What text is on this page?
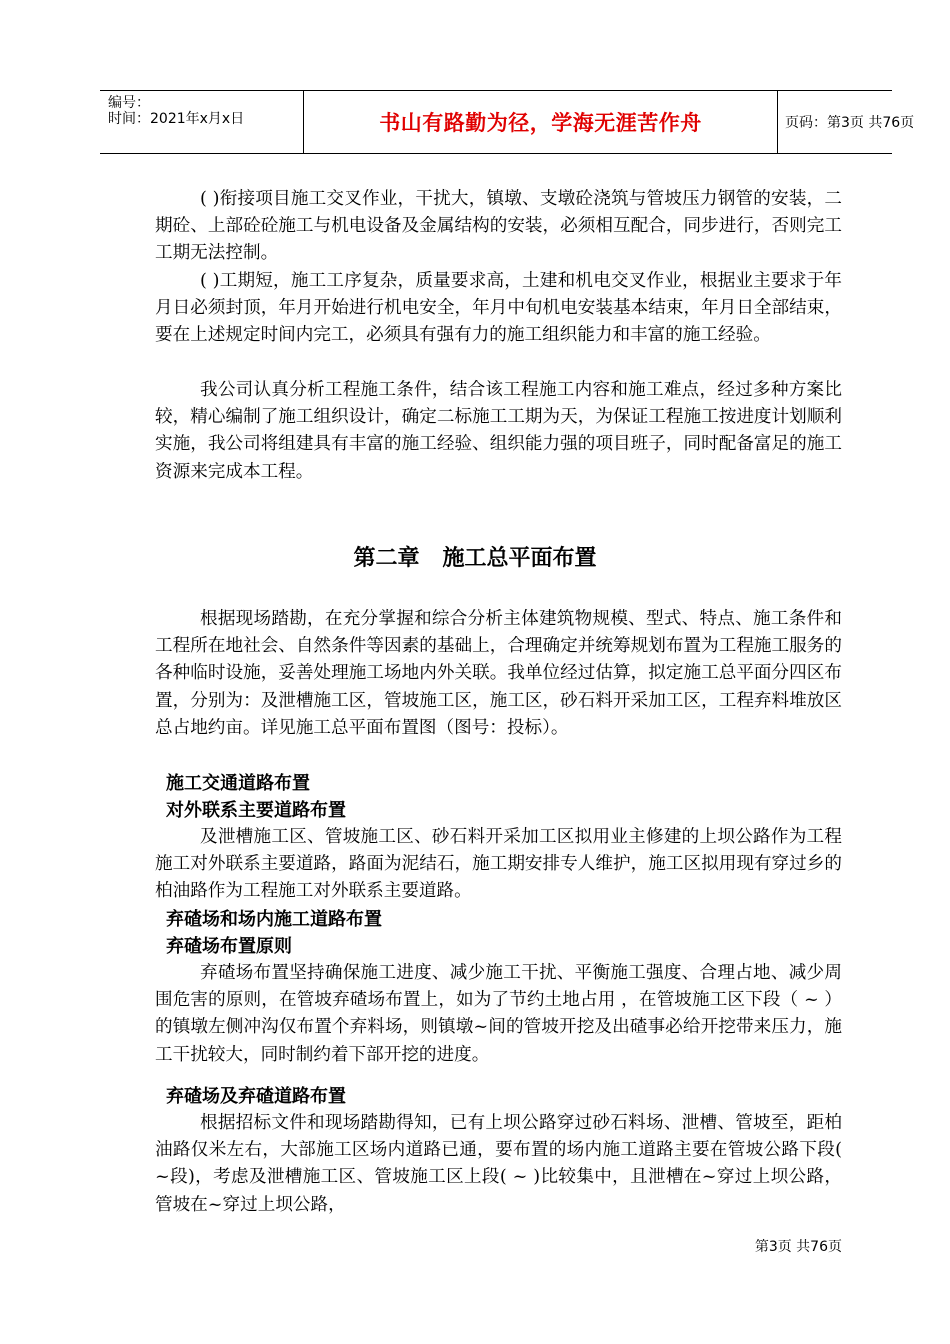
编号：
时间：2021年x月x日	书山有路勤为径，学海无涯苦作舟	页码：第3页 共76页

( )衔接项目施工交叉作业，干扰大，镇墩、支墩砼浇筑与管坡压力钢管的安装，二期砼、上部砼砼施工与机电设备及金属结构的安装，必须相互配合，同步进行，否则完工工期无法控制。

( )工期短，施工工序复杂，质量要求高，土建和机电交叉作业，根据业主要求于年月日必须封顶，年月开始进行机电安全，年月中旬机电安装基本结束，年月日全部结束，要在上述规定时间内完工，必须具有强有力的施工组织能力和丰富的施工经验。

我公司认真分析工程施工条件，结合该工程施工内容和施工难点，经过多种方案比较，精心编制了施工组织设计，确定二标施工工期为天，为保证工程施工按进度计划顺利实施，我公司将组建具有丰富的施工经验、组织能力强的项目班子，同时配备富足的施工资源来完成本工程。

第二章   施工总平面布置

根据现场踏勘，在充分掌握和综合分析主体建筑物规模、型式、特点、施工条件和工程所在地社会、自然条件等因素的基础上，合理确定并统筹规划布置为工程施工服务的各种临时设施，妥善处理施工场地内外关联。我单位经过估算，拟定施工总平面分四区布置，分别为：及泄槽施工区，管坡施工区，施工区，砂石料开采加工区，工程弃料堆放区总占地约亩。详见施工总平面布置图（图号：投标）。

施工交通道路布置

对外联系主要道路布置

及泄槽施工区、管坡施工区、砂石料开采加工区拟用业主修建的上坝公路作为工程施工对外联系主要道路，路面为泥结石，施工期安排专人维护，施工区拟用现有穿过乡的柏油路作为工程施工对外联系主要道路。

弃碴场和场内施工道路布置

弃碴场布置原则

弃碴场布置坚持确保施工进度、减少施工干扰、平衡施工强度、合理占地、减少周围危害的原则，在管坡弃碴场布置上，如为了节约土地占用 ，在管坡施工区下段（ ~ ）的镇墩左侧冲沟仅布置个弃料场，则镇墩~间的管坡开挖及出碴事必给开挖带来压力，施工干扰较大，同时制约着下部开挖的进度。

弃碴场及弃碴道路布置

根据招标文件和现场踏勘得知，已有上坝公路穿过砂石料场、泄槽、管坡至，距柏油路仅米左右，大部施工区场内道路已通，要布置的场内施工道路主要在管坡公路下段( ~段)，考虑及泄槽施工区、管坡施工区上段( ~ )比较集中，且泄槽在~穿过上坝公路，管坡在~穿过上坝公路，

第3页 共76页
